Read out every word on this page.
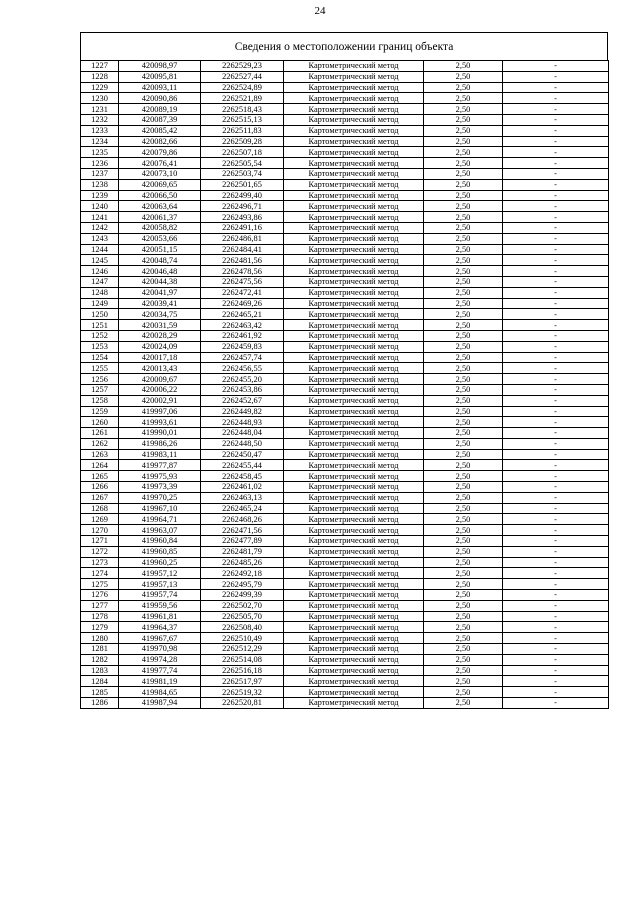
24
Сведения о местоположении границ объекта
1227	420098,97	2262529,23	Картометрический метод	2,50	-
1228	420095,81	2262527,44	Картометрический метод	2,50	-
1229	420093,11	2262524,89	Картометрический метод	2,50	-
1230	420090,86	2262521,89	Картометрический метод	2,50	-
1231	420089,19	2262518,43	Картометрический метод	2,50	-
1232	420087,39	2262515,13	Картометрический метод	2,50	-
1233	420085,42	2262511,83	Картометрический метод	2,50	-
1234	420082,66	2262509,28	Картометрический метод	2,50	-
1235	420079,86	2262507,18	Картометрический метод	2,50	-
1236	420076,41	2262505,54	Картометрический метод	2,50	-
1237	420073,10	2262503,74	Картометрический метод	2,50	-
1238	420069,65	2262501,65	Картометрический метод	2,50	-
1239	420066,50	2262499,40	Картометрический метод	2,50	-
1240	420063,64	2262496,71	Картометрический метод	2,50	-
1241	420061,37	2262493,86	Картометрический метод	2,50	-
1242	420058,82	2262491,16	Картометрический метод	2,50	-
1243	420053,66	2262486,81	Картометрический метод	2,50	-
1244	420051,15	2262484,41	Картометрический метод	2,50	-
1245	420048,74	2262481,56	Картометрический метод	2,50	-
1246	420046,48	2262478,56	Картометрический метод	2,50	-
1247	420044,38	2262475,56	Картометрический метод	2,50	-
1248	420041,97	2262472,41	Картометрический метод	2,50	-
1249	420039,41	2262469,26	Картометрический метод	2,50	-
1250	420034,75	2262465,21	Картометрический метод	2,50	-
1251	420031,59	2262463,42	Картометрический метод	2,50	-
1252	420028,29	2262461,92	Картометрический метод	2,50	-
1253	420024,09	2262459,83	Картометрический метод	2,50	-
1254	420017,18	2262457,74	Картометрический метод	2,50	-
1255	420013,43	2262456,55	Картометрический метод	2,50	-
1256	420009,67	2262455,20	Картометрический метод	2,50	-
1257	420006,22	2262453,86	Картометрический метод	2,50	-
1258	420002,91	2262452,67	Картометрический метод	2,50	-
1259	419997,06	2262449,82	Картометрический метод	2,50	-
1260	419993,61	2262448,93	Картометрический метод	2,50	-
1261	419990,01	2262448,04	Картометрический метод	2,50	-
1262	419986,26	2262448,50	Картометрический метод	2,50	-
1263	419983,11	2262450,47	Картометрический метод	2,50	-
1264	419977,87	2262455,44	Картометрический метод	2,50	-
1265	419975,93	2262458,45	Картометрический метод	2,50	-
1266	419973,39	2262461,02	Картометрический метод	2,50	-
1267	419970,25	2262463,13	Картометрический метод	2,50	-
1268	419967,10	2262465,24	Картометрический метод	2,50	-
1269	419964,71	2262468,26	Картометрический метод	2,50	-
1270	419963,07	2262471,56	Картометрический метод	2,50	-
1271	419960,84	2262477,89	Картометрический метод	2,50	-
1272	419960,85	2262481,79	Картометрический метод	2,50	-
1273	419960,25	2262485,26	Картометрический метод	2,50	-
1274	419957,12	2262492,18	Картометрический метод	2,50	-
1275	419957,13	2262495,79	Картометрический метод	2,50	-
1276	419957,74	2262499,39	Картометрический метод	2,50	-
1277	419959,56	2262502,70	Картометрический метод	2,50	-
1278	419961,81	2262505,70	Картометрический метод	2,50	-
1279	419964,37	2262508,40	Картометрический метод	2,50	-
1280	419967,67	2262510,49	Картометрический метод	2,50	-
1281	419970,98	2262512,29	Картометрический метод	2,50	-
1282	419974,28	2262514,08	Картометрический метод	2,50	-
1283	419977,74	2262516,18	Картометрический метод	2,50	-
1284	419981,19	2262517,97	Картометрический метод	2,50	-
1285	419984,65	2262519,32	Картометрический метод	2,50	-
1286	419987,94	2262520,81	Картометрический метод	2,50	-
